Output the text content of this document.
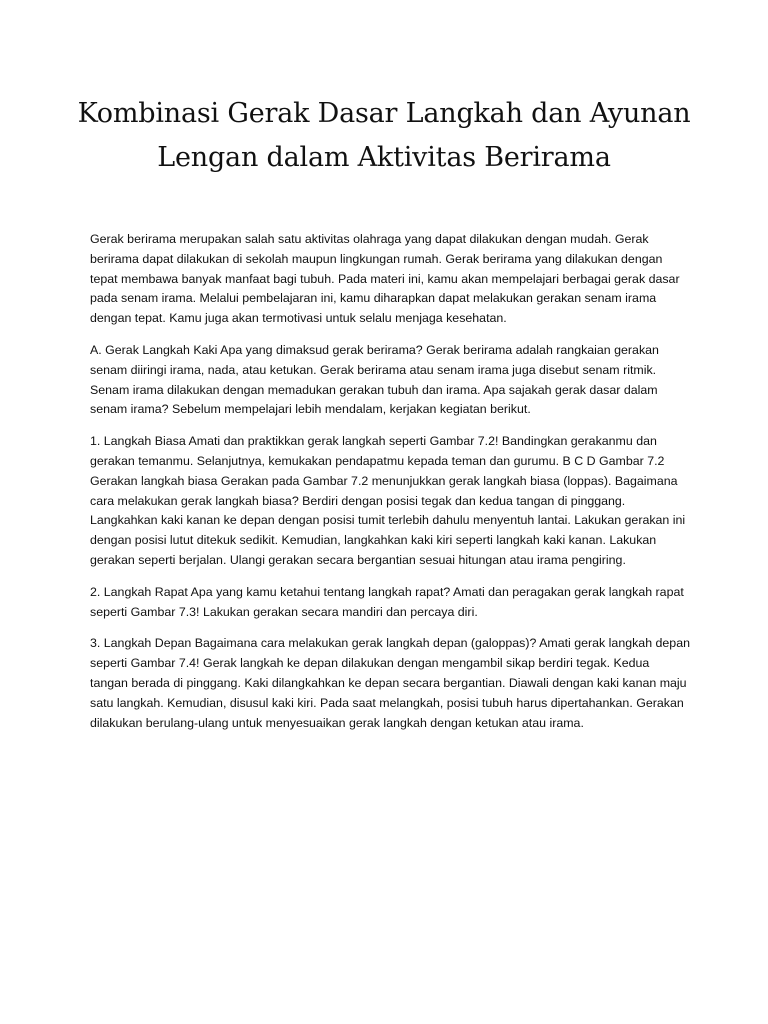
Kombinasi Gerak Dasar Langkah dan Ayunan Lengan dalam Aktivitas Berirama

Gerak berirama merupakan salah satu aktivitas olahraga yang dapat dilakukan dengan mudah. Gerak berirama dapat dilakukan di sekolah maupun lingkungan rumah. Gerak berirama yang dilakukan dengan tepat membawa banyak manfaat bagi tubuh. Pada materi ini, kamu akan mempelajari berbagai gerak dasar pada senam irama. Melalui pembelajaran ini, kamu diharapkan dapat melakukan gerakan senam irama dengan tepat. Kamu juga akan termotivasi untuk selalu menjaga kesehatan.

A. Gerak Langkah Kaki Apa yang dimaksud gerak berirama? Gerak berirama adalah rangkaian gerakan senam diiringi irama, nada, atau ketukan. Gerak berirama atau senam irama juga disebut senam ritmik. Senam irama dilakukan dengan memadukan gerakan tubuh dan irama. Apa sajakah gerak dasar dalam senam irama? Sebelum mempelajari lebih mendalam, kerjakan kegiatan berikut.

1. Langkah Biasa Amati dan praktikkan gerak langkah seperti Gambar 7.2! Bandingkan gerakanmu dan gerakan temanmu. Selanjutnya, kemukakan pendapatmu kepada teman dan gurumu. B C D Gambar 7.2 Gerakan langkah biasa Gerakan pada Gambar 7.2 menunjukkan gerak langkah biasa (loppas). Bagaimana cara melakukan gerak langkah biasa? Berdiri dengan posisi tegak dan kedua tangan di pinggang. Langkahkan kaki kanan ke depan dengan posisi tumit terlebih dahulu menyentuh lantai. Lakukan gerakan ini dengan posisi lutut ditekuk sedikit. Kemudian, langkahkan kaki kiri seperti langkah kaki kanan. Lakukan gerakan seperti berjalan. Ulangi gerakan secara bergantian sesuai hitungan atau irama pengiring.

2. Langkah Rapat Apa yang kamu ketahui tentang langkah rapat? Amati dan peragakan gerak langkah rapat seperti Gambar 7.3! Lakukan gerakan secara mandiri dan percaya diri.

3. Langkah Depan Bagaimana cara melakukan gerak langkah depan (galoppas)? Amati gerak langkah depan seperti Gambar 7.4! Gerak langkah ke depan dilakukan dengan mengambil sikap berdiri tegak. Kedua tangan berada di pinggang. Kaki dilangkahkan ke depan secara bergantian. Diawali dengan kaki kanan maju satu langkah. Kemudian, disusul kaki kiri. Pada saat melangkah, posisi tubuh harus dipertahankan. Gerakan dilakukan berulang-ulang untuk menyesuaikan gerak langkah dengan ketukan atau irama.
